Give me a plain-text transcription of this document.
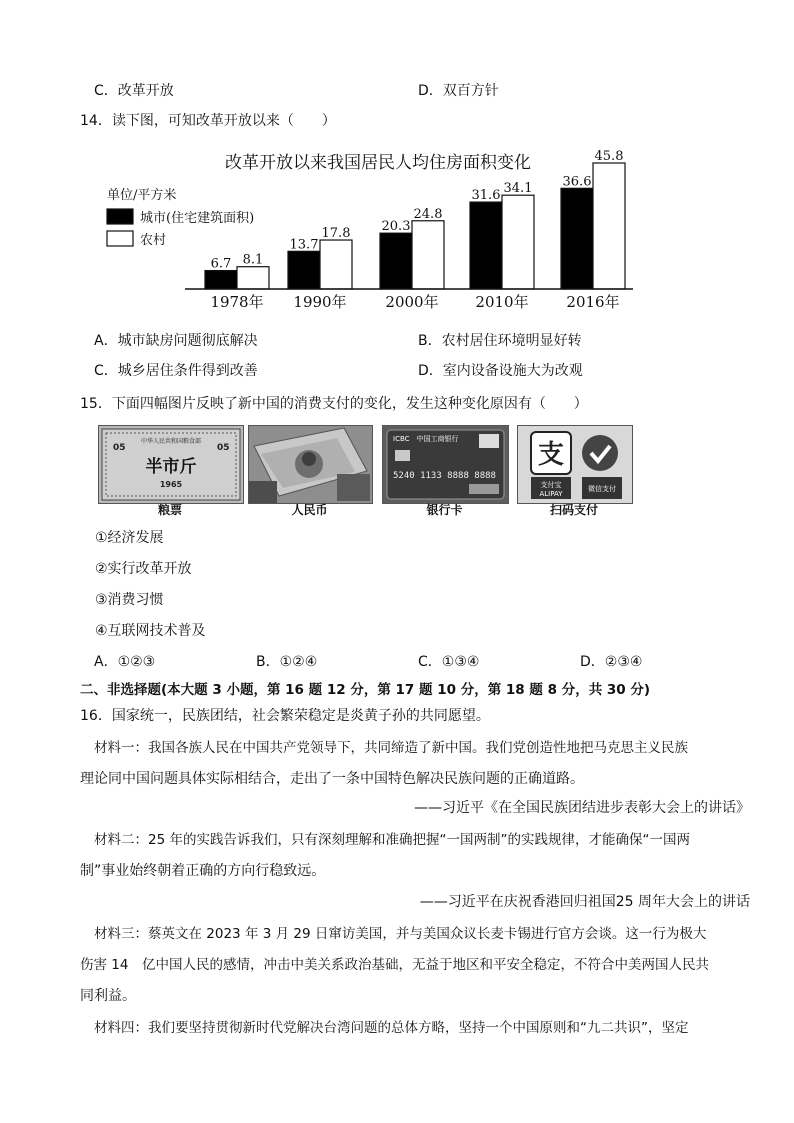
C．改革开放	D．双百方针
14．读下图，可知改革开放以来（　　）
改革开放以来我国居民人均住房面积变化
单位/平方米
城市(住宅建筑面积)
农村
6.7 8.1
13.7
17.8 20.3
24.8
31.6 34.1 36.6
45.8
1978年 1990年	2000年 2010年	2016年
A．城市缺房问题彻底解决	B．农村居住环境明显好转
C．城乡居住条件得到改善	D．室内设备设施大为改观
15．下面四幅图片反映了新中国的消费支付的变化，发生这种变化原因有（　　）
中华人民共和国粮食部
05	05
半市斤
1965
粮票	人民币
ICBC　中国工商银行
5240 1133 8888 8888
银行卡
支
支付宝
ALIPAY
微信支付
扫码支付
①经济发展
②实行改革开放
③消费习惯
④互联网技术普及
A．①②③	B．①②④	C．①③④	D．②③④
二、非选择题(本大题 3 小题，第 16 题 12 分，第 17 题 10 分，第 18 题 8 分，共 30 分)
16．国家统一，民族团结，社会繁荣稳定是炎黄子孙的共同愿望。
材料一：我国各族人民在中国共产党领导下，共同缔造了新中国。我们党创造性地把马克思主义民族
理论同中国问题具体实际相结合，走出了一条中国特色解决民族问题的正确道路。
——习近平《在全国民族团结进步表彰大会上的讲话》
材料二：25 年的实践告诉我们，只有深刻理解和准确把握“一国两制”的实践规律，才能确保“一国两
制”事业始终朝着正确的方向行稳致远。
——习近平在庆祝香港回归祖国25 周年大会上的讲话
材料三：蔡英文在 2023 年 3 月 29 日窜访美国，并与美国众议长麦卡锡进行官方会谈。这一行为极大
伤害 14　亿中国人民的感情，冲击中美关系政治基础，无益于地区和平安全稳定，不符合中美两国人民共
同利益。
材料四：我们要坚持贯彻新时代党解决台湾问题的总体方略，坚持一个中国原则和“九二共识”，坚定
